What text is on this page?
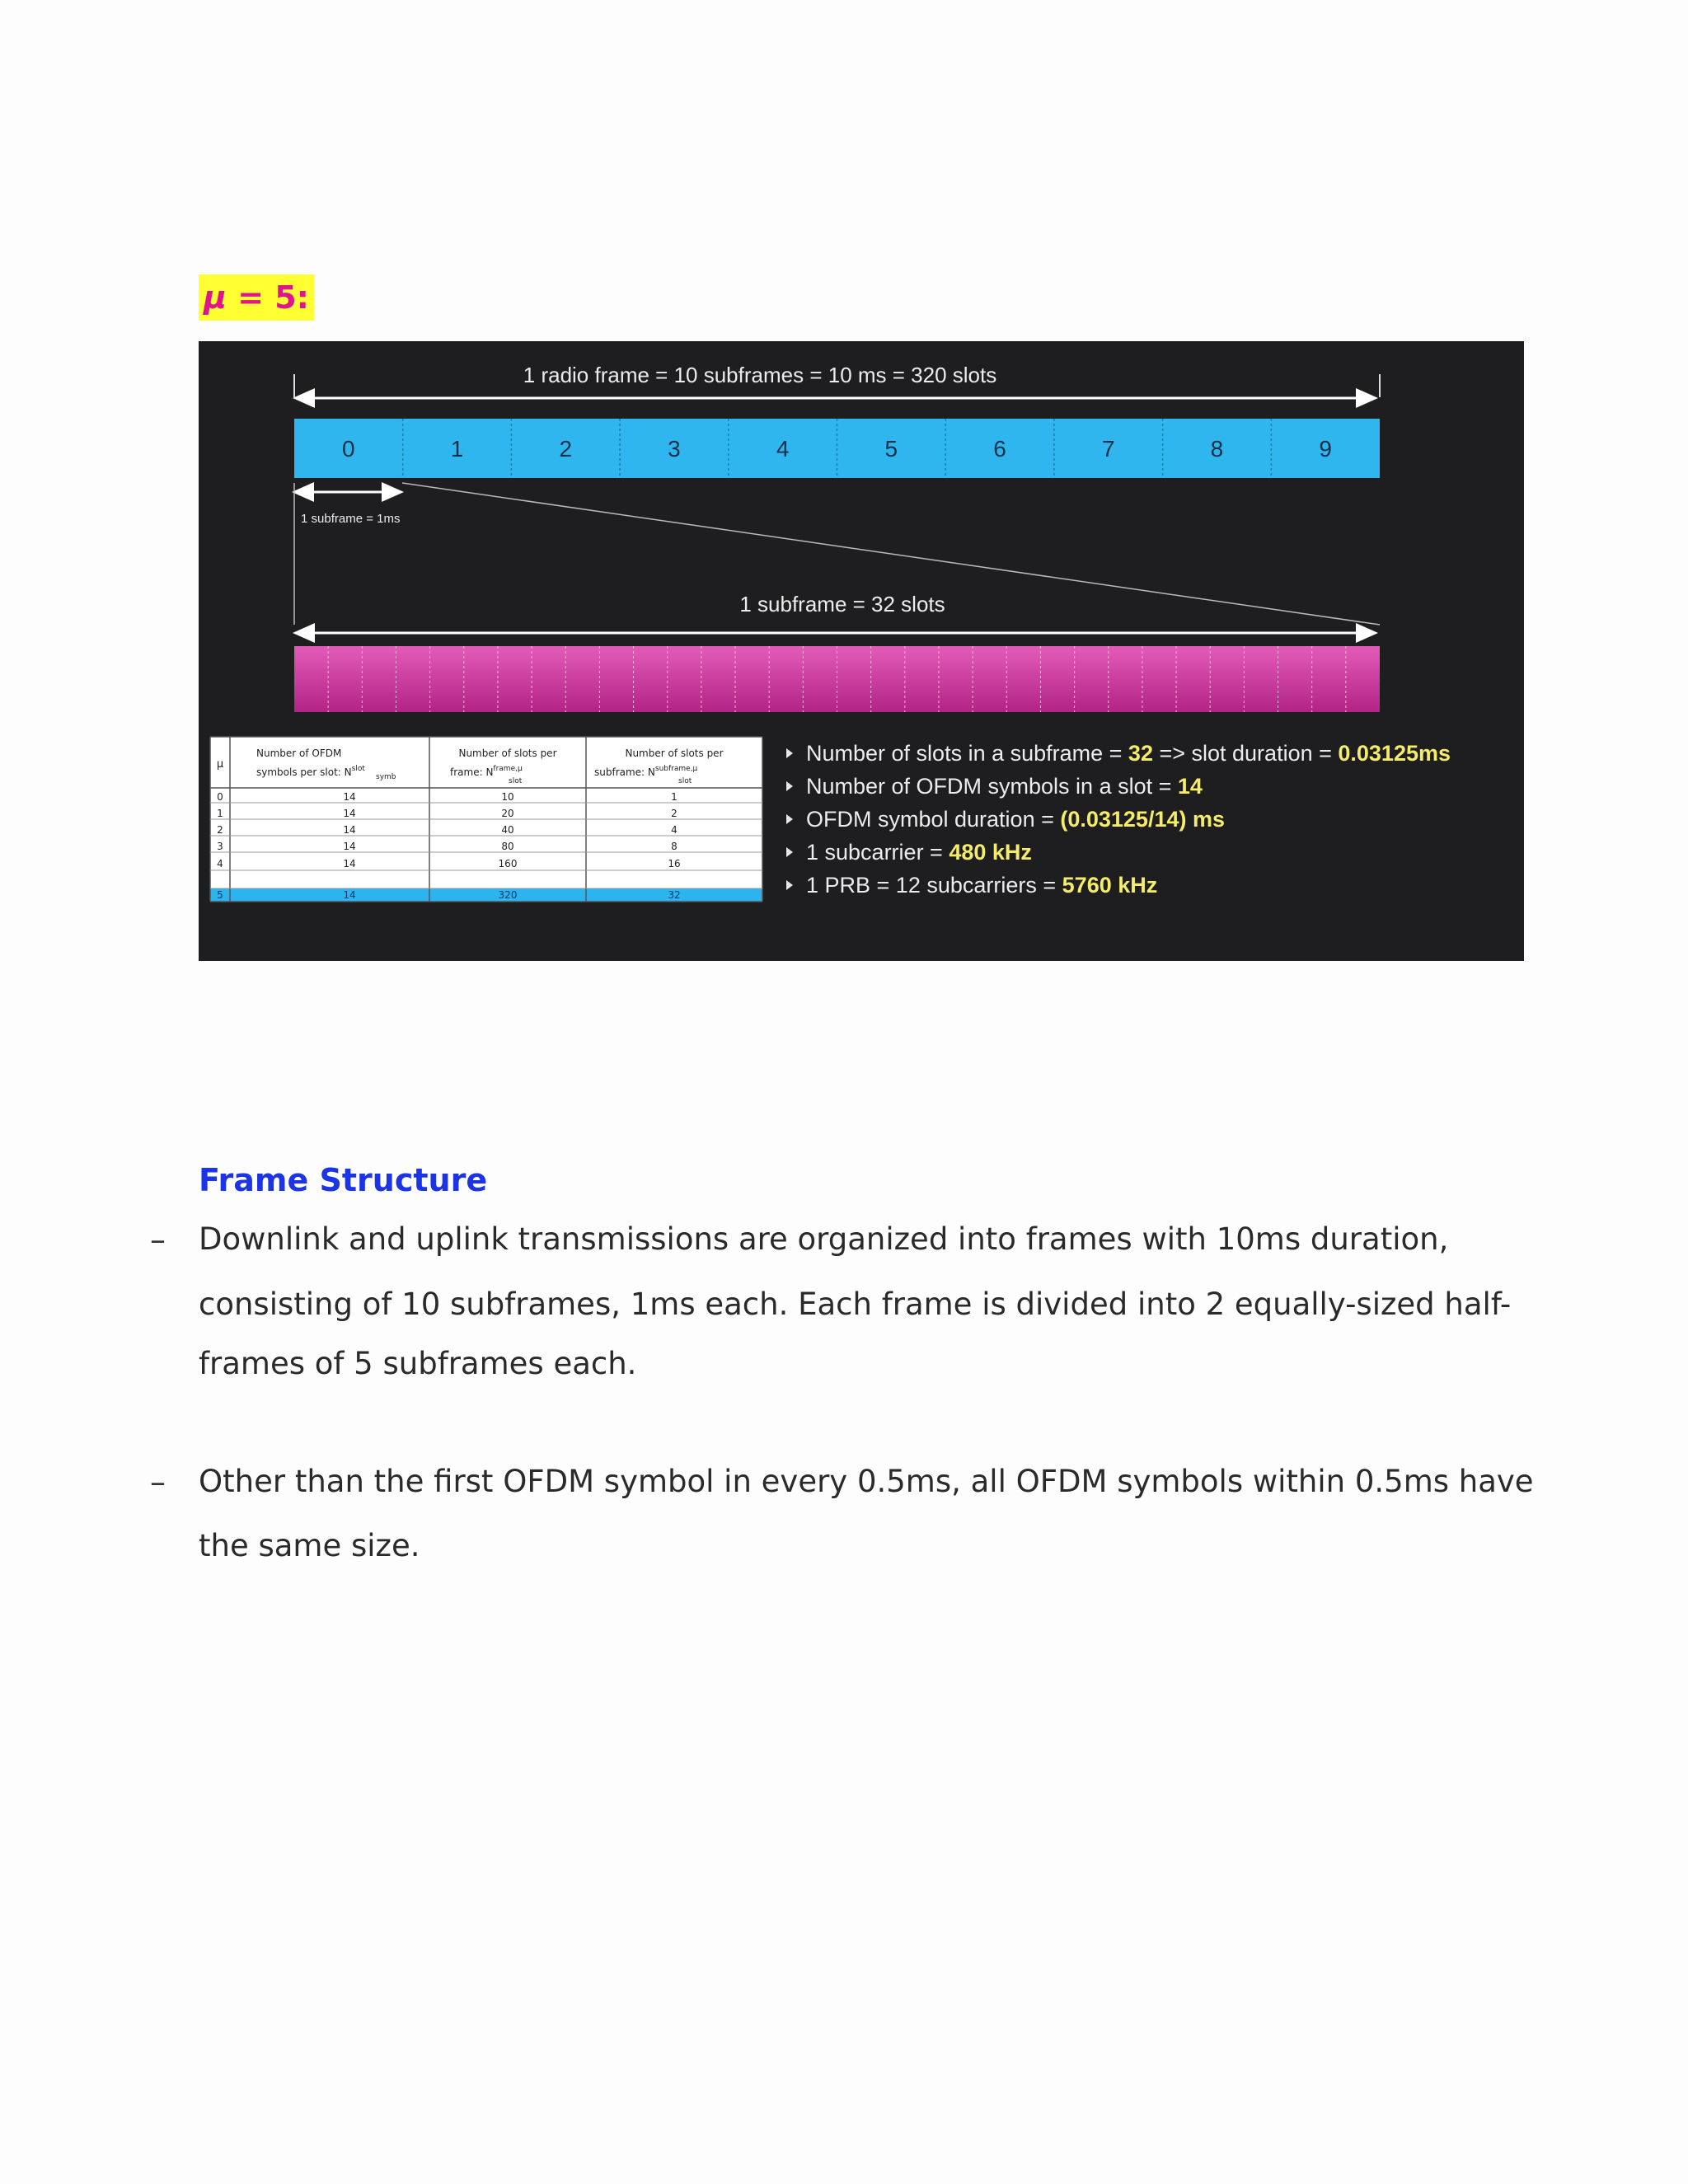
μ = 5:
1 radio frame = 10 subframes = 10 ms = 320 slots
0	1	2	3	4	5	6	7	8	9
1 subframe = 1ms
1 subframe = 32 slots
μ
Number of OFDM
symbols per slot: $N^{slot}$
symb
Number of slots per
frame: $N^{frame,\mu}$
slot
Number of slots per
subframe: $N^{subframe,\mu}$
slot
0	14	10	1
1	14	20	2
2	14	40	4
3	14	80	8
4	14	160	16
5	14	320	32
Number of slots in a subframe = 32 => slot duration = 0.03125ms
Number of OFDM symbols in a slot = 14
OFDM symbol duration = (0.03125/14) ms
1 subcarrier = 480 kHz
1 PRB = 12 subcarriers = 5760 kHz
Frame Structure
– Downlink and uplink transmissions are organized into frames with 10ms duration,
consisting of 10 subframes, 1ms each. Each frame is divided into 2 equally-sized half-
frames of 5 subframes each.
– Other than the first OFDM symbol in every 0.5ms, all OFDM symbols within 0.5ms have
the same size.
